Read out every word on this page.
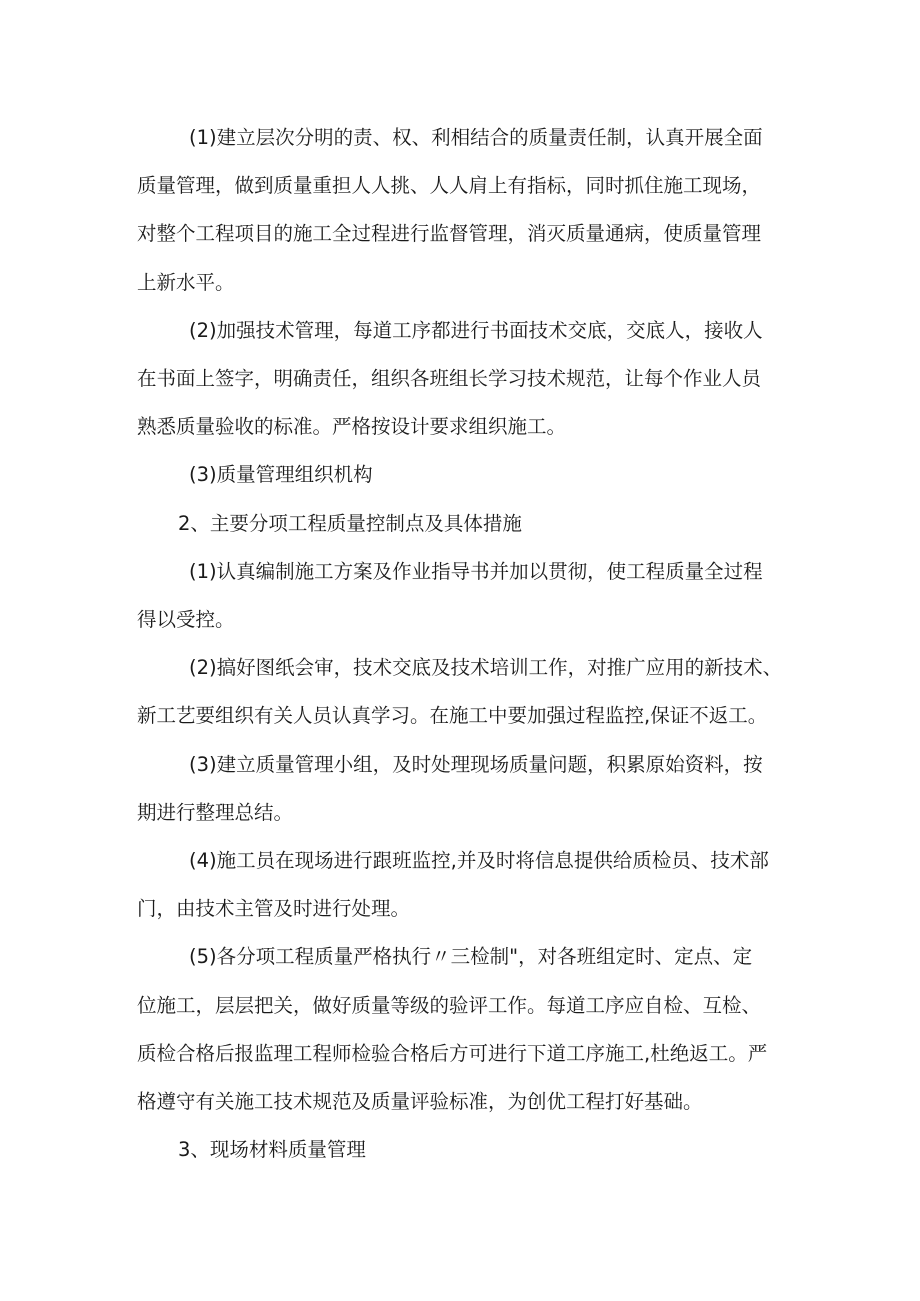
(1)建立层次分明的责、权、利相结合的质量责任制，认真开展全面
质量管理，做到质量重担人人挑、人人肩上有指标，同时抓住施工现场，
对整个工程项目的施工全过程进行监督管理，消灭质量通病，使质量管理
上新水平。

(2)加强技术管理，每道工序都进行书面技术交底，交底人，接收人
在书面上签字，明确责任，组织各班组长学习技术规范，让每个作业人员
熟悉质量验收的标准。严格按设计要求组织施工。

(3)质量管理组织机构

2、主要分项工程质量控制点及具体措施

(1)认真编制施工方案及作业指导书并加以贯彻，使工程质量全过程
得以受控。

(2)搞好图纸会审，技术交底及技术培训工作，对推广应用的新技术、
新工艺要组织有关人员认真学习。在施工中要加强过程监控,保证不返工。

(3)建立质量管理小组，及时处理现场质量问题，积累原始资料，按
期进行整理总结。

(4)施工员在现场进行跟班监控,并及时将信息提供给质检员、技术部
门，由技术主管及时进行处理。

(5)各分项工程质量严格执行〃三检制"，对各班组定时、定点、定
位施工，层层把关，做好质量等级的验评工作。每道工序应自检、互检、
质检合格后报监理工程师检验合格后方可进行下道工序施工,杜绝返工。严
格遵守有关施工技术规范及质量评验标准，为创优工程打好基础。

3、现场材料质量管理
